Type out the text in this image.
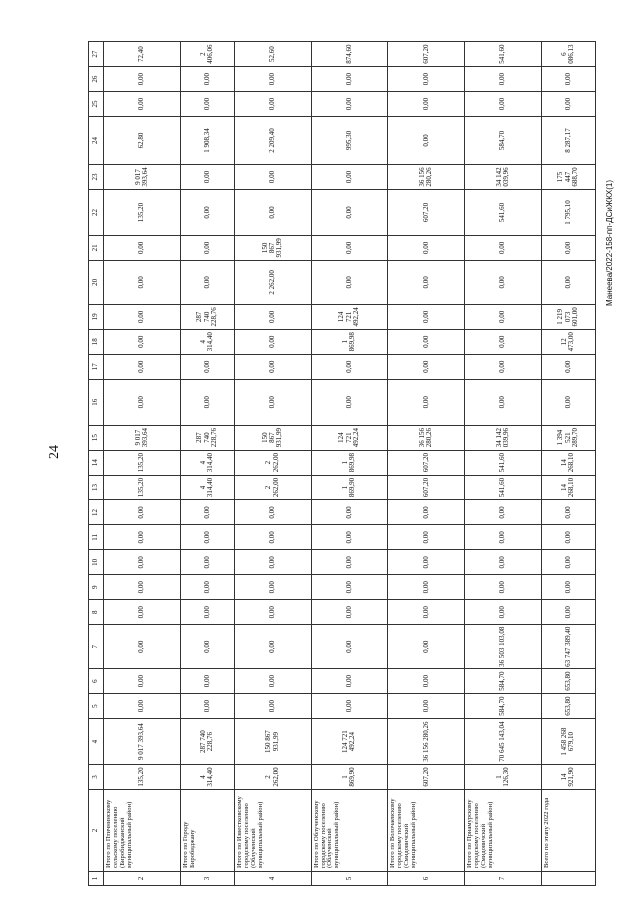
24
Манеева/2022-158-пп-ДСиЖКХ(1)
1	2	3	4	5	6	7	8	9	10	11	12	13	14	15	16	17	18	19	20	21	22	23	24	25	26	27
2	Итого по Птичнинскому сельскому поселению (Биробиджанский муниципальный район)	135,20	9 017 393,64	0,00	0,00	0,00	0,00	0,00	0,00	0,00	0,00	135,20	135,20	9 017 393,64	0,00	0,00	0,00	0,00	0,00	0,00	135,20	9 017 393,64	62,80	0,00	0,00	72,40
3	Итого по Городу Биробиджану	4 314,40	287 740 228,76	0,00	0,00	0,00	0,00	0,00	0,00	0,00	0,00	4 314,40	4 314,40	287 740 228,76	0,00	0,00	4 314,40	287 740 228,76	0,00	0,00	0,00	0,00	1 908,34	0,00	0,00	2 406,06
4	Итого по Известковскому городскому поселению (Облученский муниципальный район)	2 262,00	150 867 931,99	0,00	0,00	0,00	0,00	0,00	0,00	0,00	0,00	2 262,00	2 262,00	150 867 931,99	0,00	0,00	0,00	0,00	2 262,00	150 867 931,99	0,00	0,00	2 209,40	0,00	0,00	52,60
5	Итого по Облученскому городскому поселению (Облученский муниципальный район)	1 869,90	124 721 492,24	0,00	0,00	0,00	0,00	0,00	0,00	0,00	0,00	1 869,90	1 869,98	124 721 492,24	0,00	0,00	1 869,98	124 721 492,24	0,00	0,00	0,00	0,00	995,30	0,00	0,00	874,60
6	Итого по Волочаевскому городскому поселению (Смидовичский муниципальный район)	607,20	36 156 280,26	0,00	0,00	0,00	0,00	0,00	0,00	0,00	0,00	607,20	607,20	36 156 280,26	0,00	0,00	0,00	0,00	0,00	0,00	607,20	36 156 280,26	0,00	0,00	0,00	607,20
7	Итого по Приамурскому городскому поселению (Смидовичский муниципальный район)	1 126,30	70 645 143,04	584,70	584,70	36 503 103,08	0,00	0,00	0,00	0,00	0,00	541,60	541,60	34 142 039,96	0,00	0,00	0,00	0,00	0,00	0,00	541,60	34 142 039,96	584,70	0,00	0,00	541,60
	Всего по этапу 2022 года	14 921,90	1 458 268 679,10	653,80	653,80	63 747 389,40	0,00	0,00	0,00	0,00	0,00	14 268,10	14 268,10	1 394 521 289,70	0,00	0,00	12 473,00	1 219 073 601,00	0,00	0,00	1 795,10	175 447 688,70	8 287,17	0,00	0,00	6 086,13
